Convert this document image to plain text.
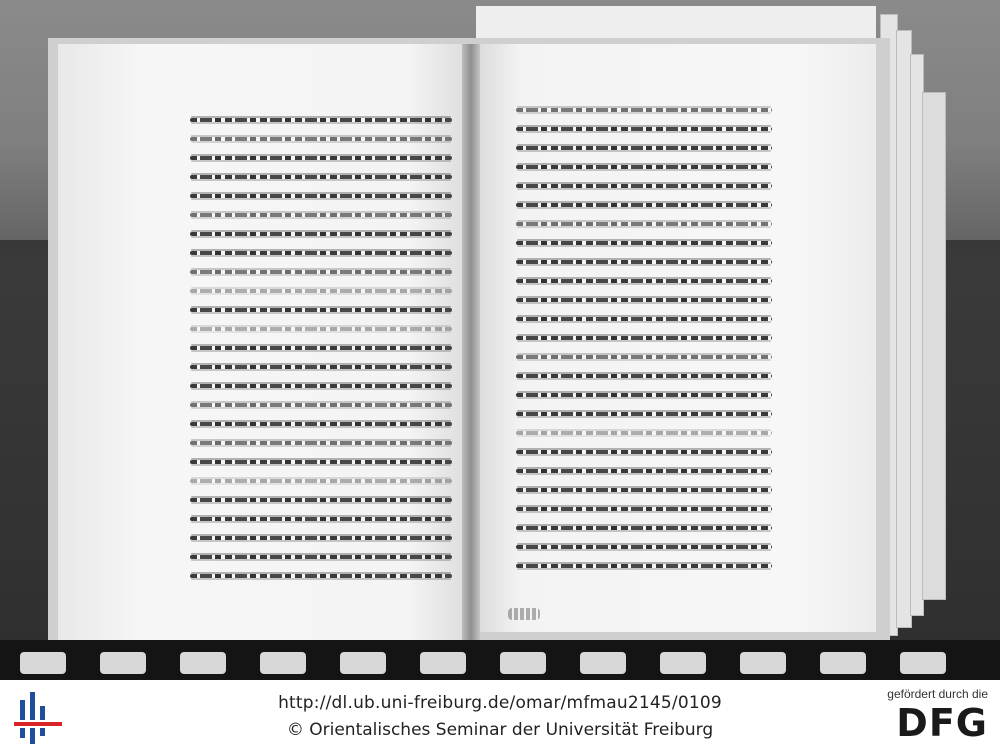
http://dl.ub.uni-freiburg.de/omar/mfmau2145/0109
© Orientalisches Seminar der Universität Freiburg
gefördert durch die
DFG
